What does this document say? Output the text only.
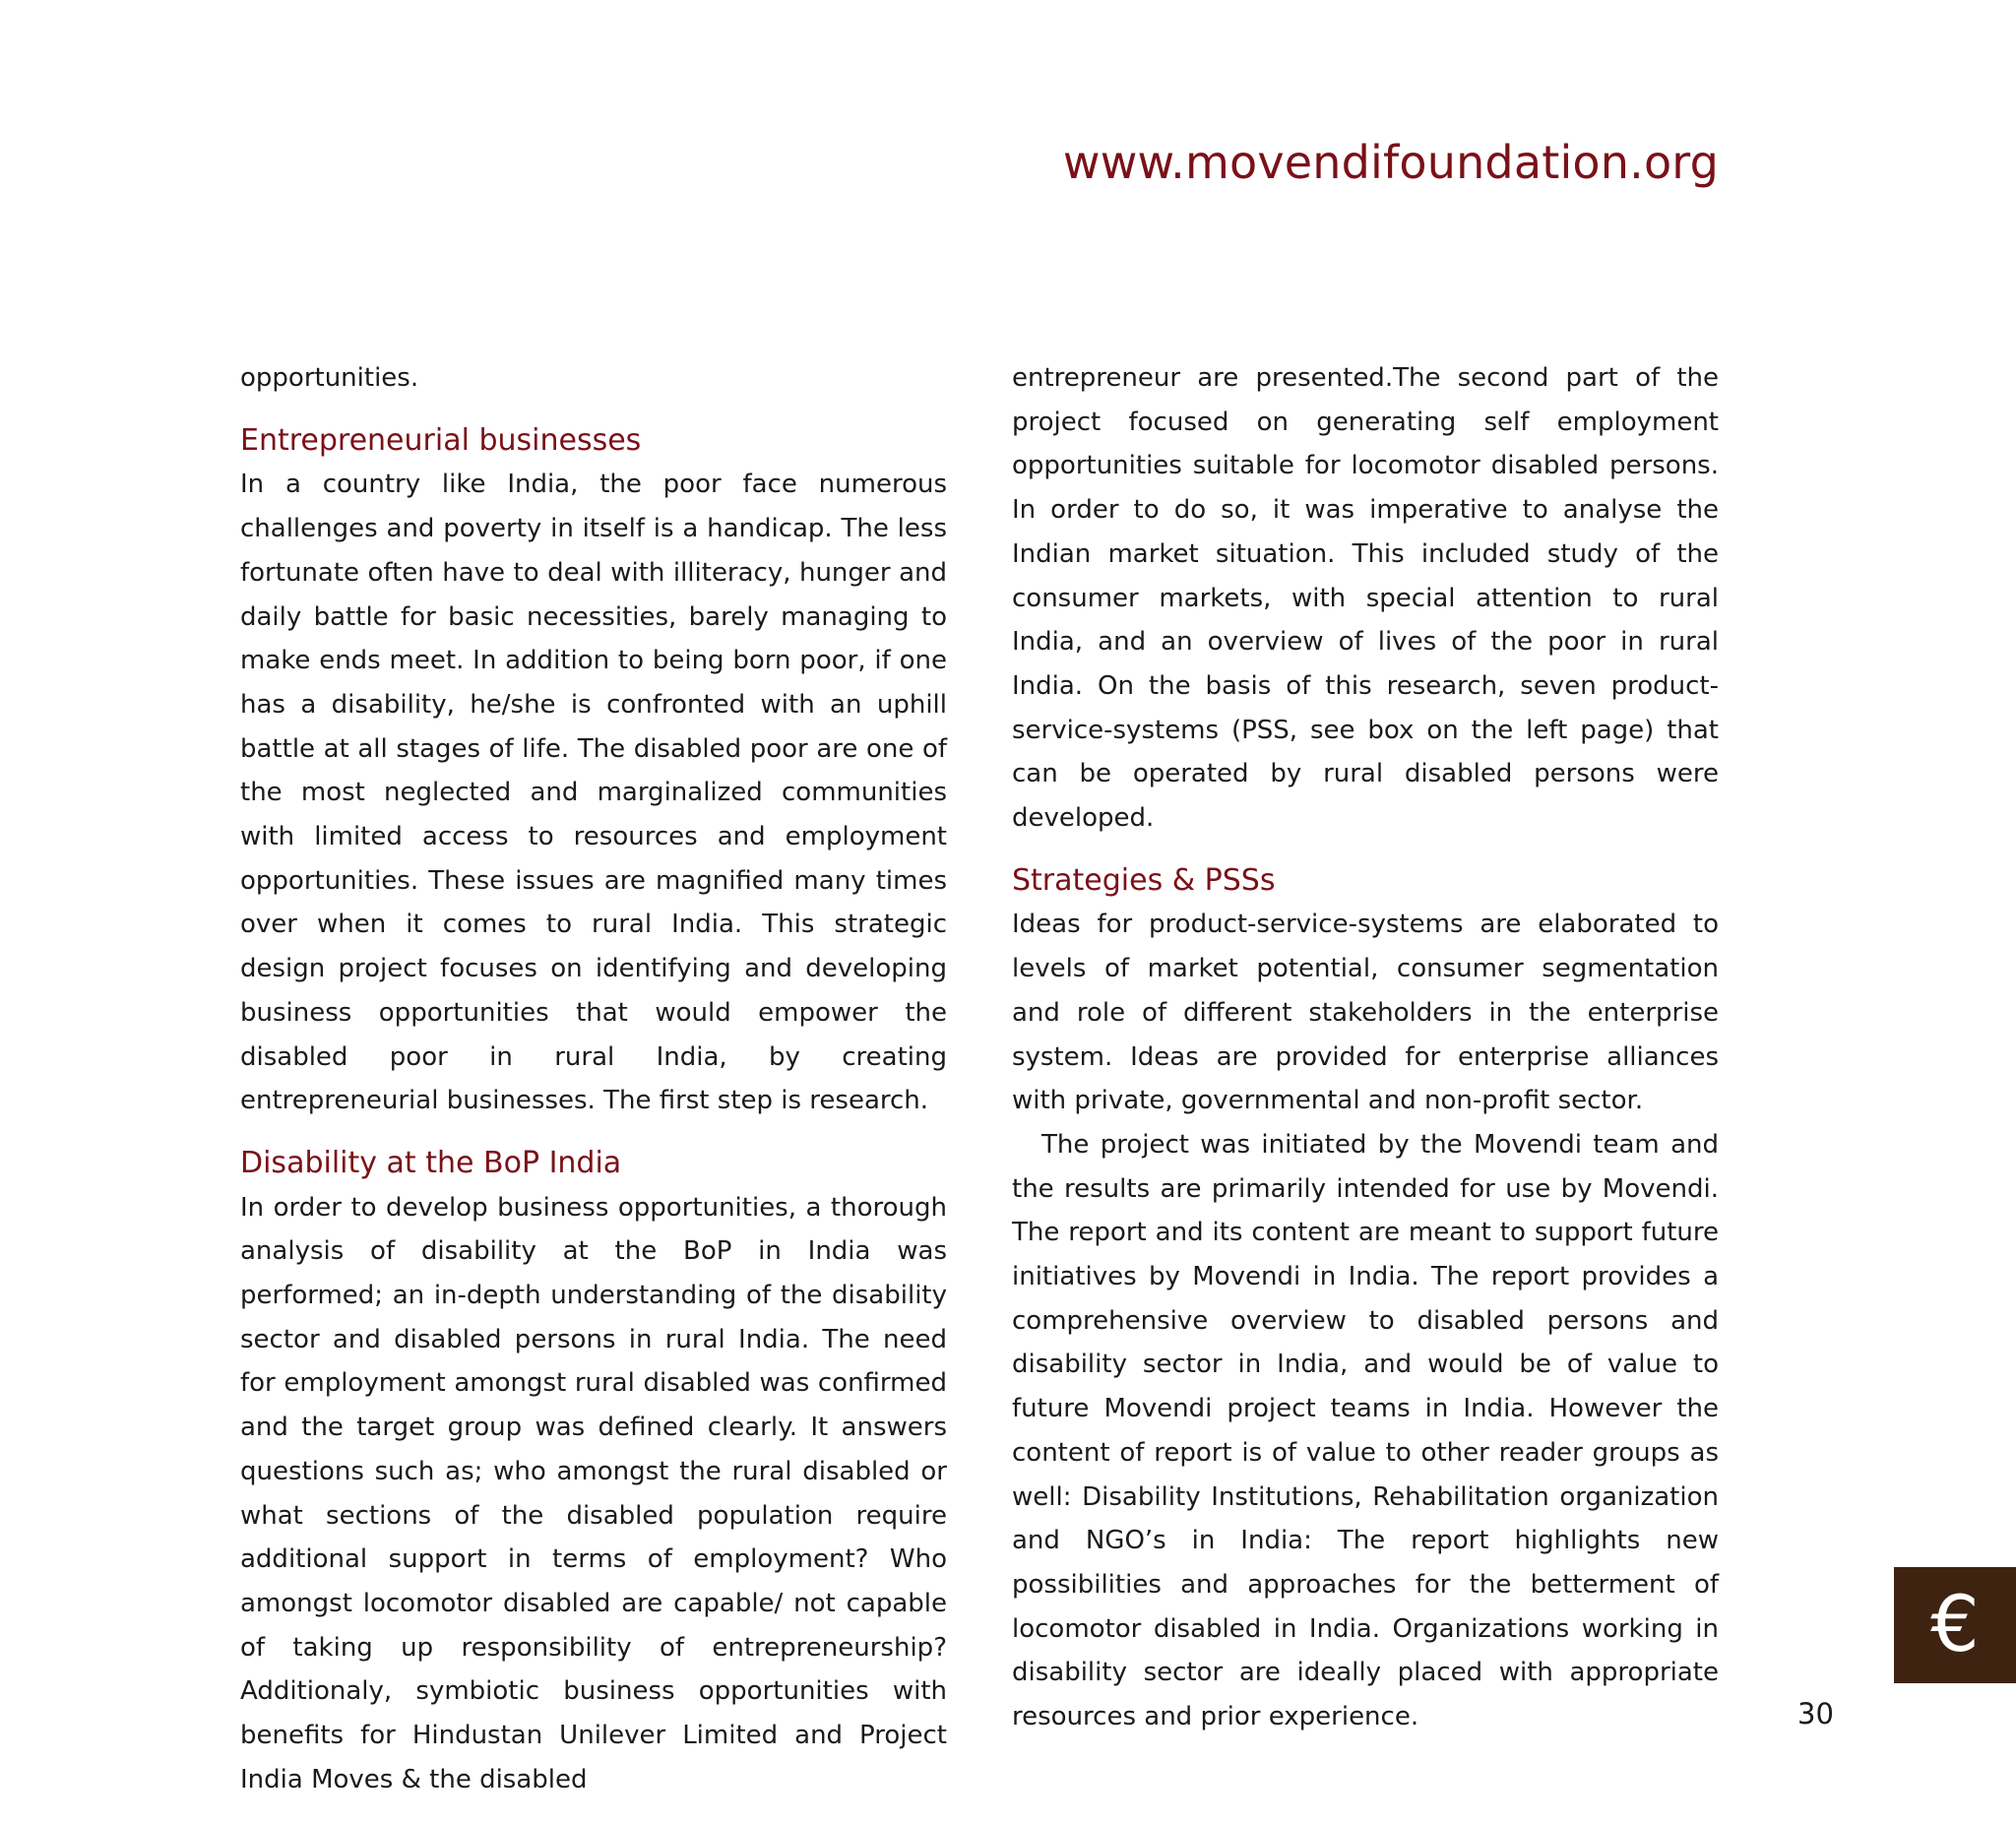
www.movendifoundation.org

opportunities.

Entrepreneurial businesses

In a country like India, the poor face numerous challenges and poverty in itself is a handicap. The less fortunate often have to deal with illiteracy, hunger and daily battle for basic necessities, barely managing to make ends meet. In addition to being born poor, if one has a disability, he/she is confronted with an uphill battle at all stages of life. The disabled poor are one of the most neglected and marginalized communities with limited access to resources and employment opportunities. These issues are magnified many times over when it comes to rural India. This strategic design project focuses on identifying and developing business opportunities that would empower the disabled poor in rural India, by creating entrepreneurial businesses. The first step is research.

Disability at the BoP India

In order to develop business opportunities, a thorough analysis of disability at the BoP in India was performed; an in-depth understanding of the disability sector and disabled persons in rural India. The need for employment amongst rural disabled was confirmed and the target group was defined clearly. It answers questions such as; who amongst the rural disabled or what sections of the disabled population require additional support in terms of employment? Who amongst locomotor disabled are capable/ not capable of taking up responsibility of entrepreneurship? Additionaly, symbiotic business opportunities with benefits for Hindustan Unilever Limited and Project India Moves & the disabled

entrepreneur are presented.The second part of the project focused on generating self employment opportunities suitable for locomotor disabled persons. In order to do so, it was imperative to analyse the Indian market situation. This included study of the consumer markets, with special attention to rural India, and an overview of lives of the poor in rural India. On the basis of this research, seven product-service-systems (PSS, see box on the left page) that can be operated by rural disabled persons were developed.

Strategies & PSSs

Ideas for product-service-systems are elaborated to levels of market potential, consumer segmentation and role of different stakeholders in the enterprise system. Ideas are provided for enterprise alliances with private, governmental and non-profit sector.

The project was initiated by the Movendi team and the results are primarily intended for use by Movendi. The report and its content are meant to support future initiatives by Movendi in India. The report provides a comprehensive overview to disabled persons and disability sector in India, and would be of value to future Movendi project teams in India. However the content of report is of value to other reader groups as well: Disability Institutions, Rehabilitation organization and NGO’s in India: The report highlights new possibilities and approaches for the betterment of locomotor disabled in India. Organizations working in disability sector are ideally placed with appropriate resources and prior experience.

€
30
